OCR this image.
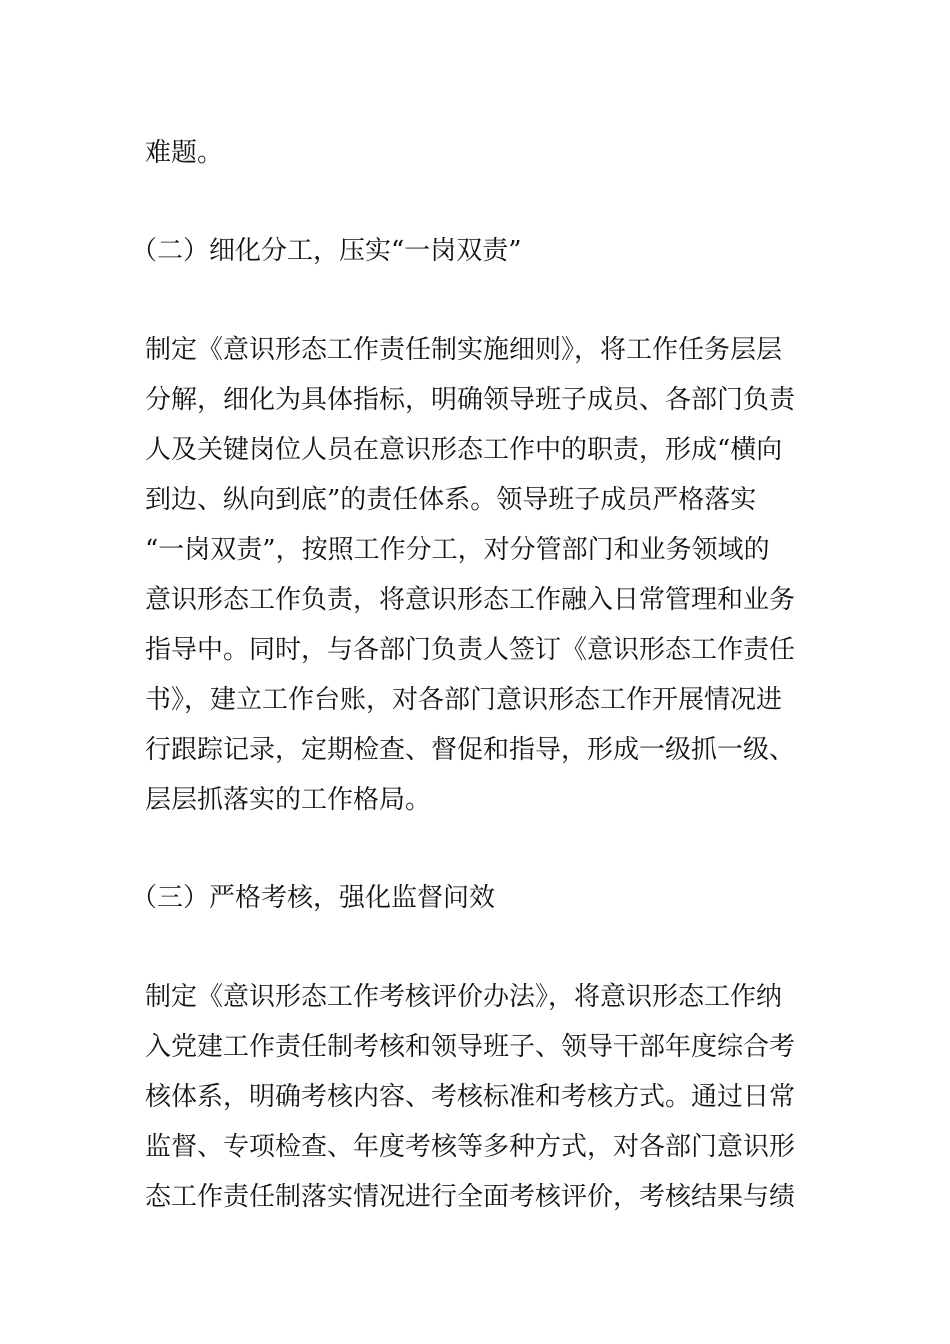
难题。
（二）细化分工，压实“一岗双责”
制定《意识形态工作责任制实施细则》，将工作任务层层
分解，细化为具体指标，明确领导班子成员、各部门负责
人及关键岗位人员在意识形态工作中的职责，形成“横向
到边、纵向到底”的责任体系。领导班子成员严格落实
“一岗双责”，按照工作分工，对分管部门和业务领域的
意识形态工作负责，将意识形态工作融入日常管理和业务
指导中。同时，与各部门负责人签订《意识形态工作责任
书》，建立工作台账，对各部门意识形态工作开展情况进
行跟踪记录，定期检查、督促和指导，形成一级抓一级、
层层抓落实的工作格局。
（三）严格考核，强化监督问效
制定《意识形态工作考核评价办法》，将意识形态工作纳
入党建工作责任制考核和领导班子、领导干部年度综合考
核体系，明确考核内容、考核标准和考核方式。通过日常
监督、专项检查、年度考核等多种方式，对各部门意识形
态工作责任制落实情况进行全面考核评价，考核结果与绩
